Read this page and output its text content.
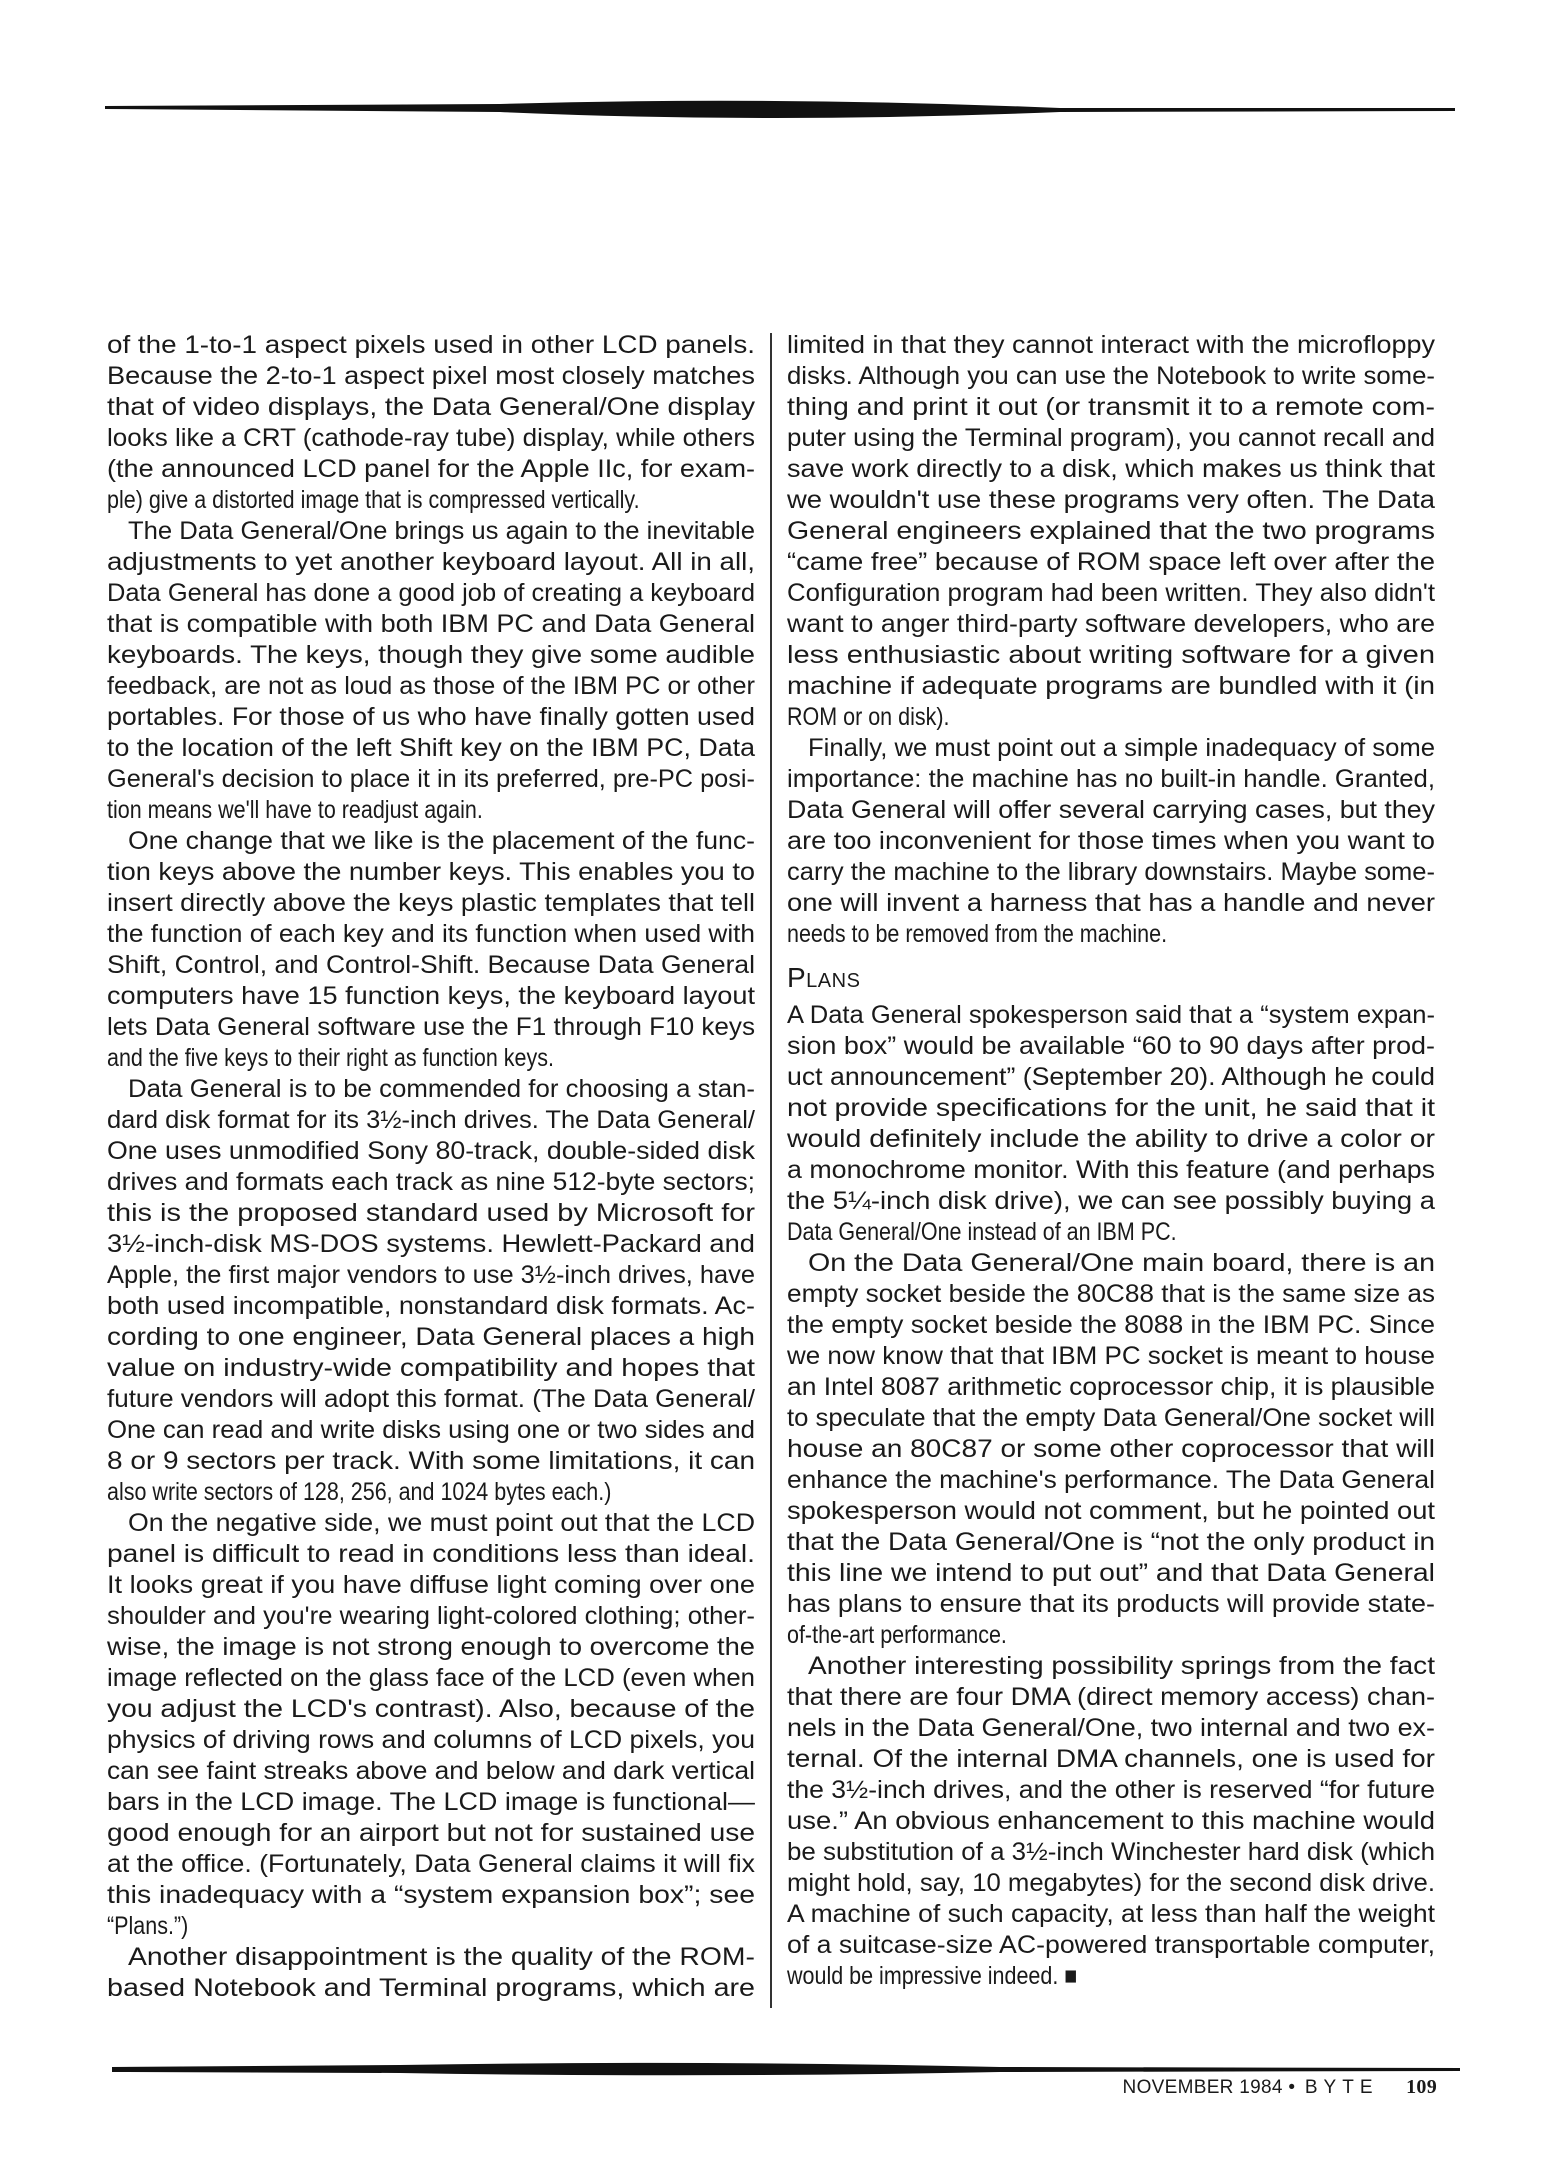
of the 1-to-1 aspect pixels used in other LCD panels.
Because the 2-to-1 aspect pixel most closely matches
that of video displays, the Data General/One display
looks like a CRT (cathode-ray tube) display, while others
(the announced LCD panel for the Apple IIc, for exam-
ple) give a distorted image that is compressed vertically.
The Data General/One brings us again to the inevitable
adjustments to yet another keyboard layout. All in all,
Data General has done a good job of creating a keyboard
that is compatible with both IBM PC and Data General
keyboards. The keys, though they give some audible
feedback, are not as loud as those of the IBM PC or other
portables. For those of us who have finally gotten used
to the location of the left Shift key on the IBM PC, Data
General's decision to place it in its preferred, pre-PC posi-
tion means we'll have to readjust again.
One change that we like is the placement of the func-
tion keys above the number keys. This enables you to
insert directly above the keys plastic templates that tell
the function of each key and its function when used with
Shift, Control, and Control-Shift. Because Data General
computers have 15 function keys, the keyboard layout
lets Data General software use the F1 through F10 keys
and the five keys to their right as function keys.
Data General is to be commended for choosing a stan-
dard disk format for its 3½-inch drives. The Data General/
One uses unmodified Sony 80-track, double-sided disk
drives and formats each track as nine 512-byte sectors;
this is the proposed standard used by Microsoft for
3½-inch-disk MS-DOS systems. Hewlett-Packard and
Apple, the first major vendors to use 3½-inch drives, have
both used incompatible, nonstandard disk formats. Ac-
cording to one engineer, Data General places a high
value on industry-wide compatibility and hopes that
future vendors will adopt this format. (The Data General/
One can read and write disks using one or two sides and
8 or 9 sectors per track. With some limitations, it can
also write sectors of 128, 256, and 1024 bytes each.)
On the negative side, we must point out that the LCD
panel is difficult to read in conditions less than ideal.
It looks great if you have diffuse light coming over one
shoulder and you're wearing light-colored clothing; other-
wise, the image is not strong enough to overcome the
image reflected on the glass face of the LCD (even when
you adjust the LCD's contrast). Also, because of the
physics of driving rows and columns of LCD pixels, you
can see faint streaks above and below and dark vertical
bars in the LCD image. The LCD image is functional—
good enough for an airport but not for sustained use
at the office. (Fortunately, Data General claims it will fix
this inadequacy with a “system expansion box”; see
“Plans.”)
Another disappointment is the quality of the ROM-
based Notebook and Terminal programs, which are
limited in that they cannot interact with the microfloppy
disks. Although you can use the Notebook to write some-
thing and print it out (or transmit it to a remote com-
puter using the Terminal program), you cannot recall and
save work directly to a disk, which makes us think that
we wouldn't use these programs very often. The Data
General engineers explained that the two programs
“came free” because of ROM space left over after the
Configuration program had been written. They also didn't
want to anger third-party software developers, who are
less enthusiastic about writing software for a given
machine if adequate programs are bundled with it (in
ROM or on disk).
Finally, we must point out a simple inadequacy of some
importance: the machine has no built-in handle. Granted,
Data General will offer several carrying cases, but they
are too inconvenient for those times when you want to
carry the machine to the library downstairs. Maybe some-
one will invent a harness that has a handle and never
needs to be removed from the machine.
Plans
A Data General spokesperson said that a “system expan-
sion box” would be available “60 to 90 days after prod-
uct announcement” (September 20). Although he could
not provide specifications for the unit, he said that it
would definitely include the ability to drive a color or
a monochrome monitor. With this feature (and perhaps
the 5¼-inch disk drive), we can see possibly buying a
Data General/One instead of an IBM PC.
On the Data General/One main board, there is an
empty socket beside the 80C88 that is the same size as
the empty socket beside the 8088 in the IBM PC. Since
we now know that that IBM PC socket is meant to house
an Intel 8087 arithmetic coprocessor chip, it is plausible
to speculate that the empty Data General/One socket will
house an 80C87 or some other coprocessor that will
enhance the machine's performance. The Data General
spokesperson would not comment, but he pointed out
that the Data General/One is “not the only product in
this line we intend to put out” and that Data General
has plans to ensure that its products will provide state-
of-the-art performance.
Another interesting possibility springs from the fact
that there are four DMA (direct memory access) chan-
nels in the Data General/One, two internal and two ex-
ternal. Of the internal DMA channels, one is used for
the 3½-inch drives, and the other is reserved “for future
use.” An obvious enhancement to this machine would
be substitution of a 3½-inch Winchester hard disk (which
might hold, say, 10 megabytes) for the second disk drive.
A machine of such capacity, at less than half the weight
of a suitcase-size AC-powered transportable computer,
would be impressive indeed. ■
NOVEMBER 1984 • BYTE 109
